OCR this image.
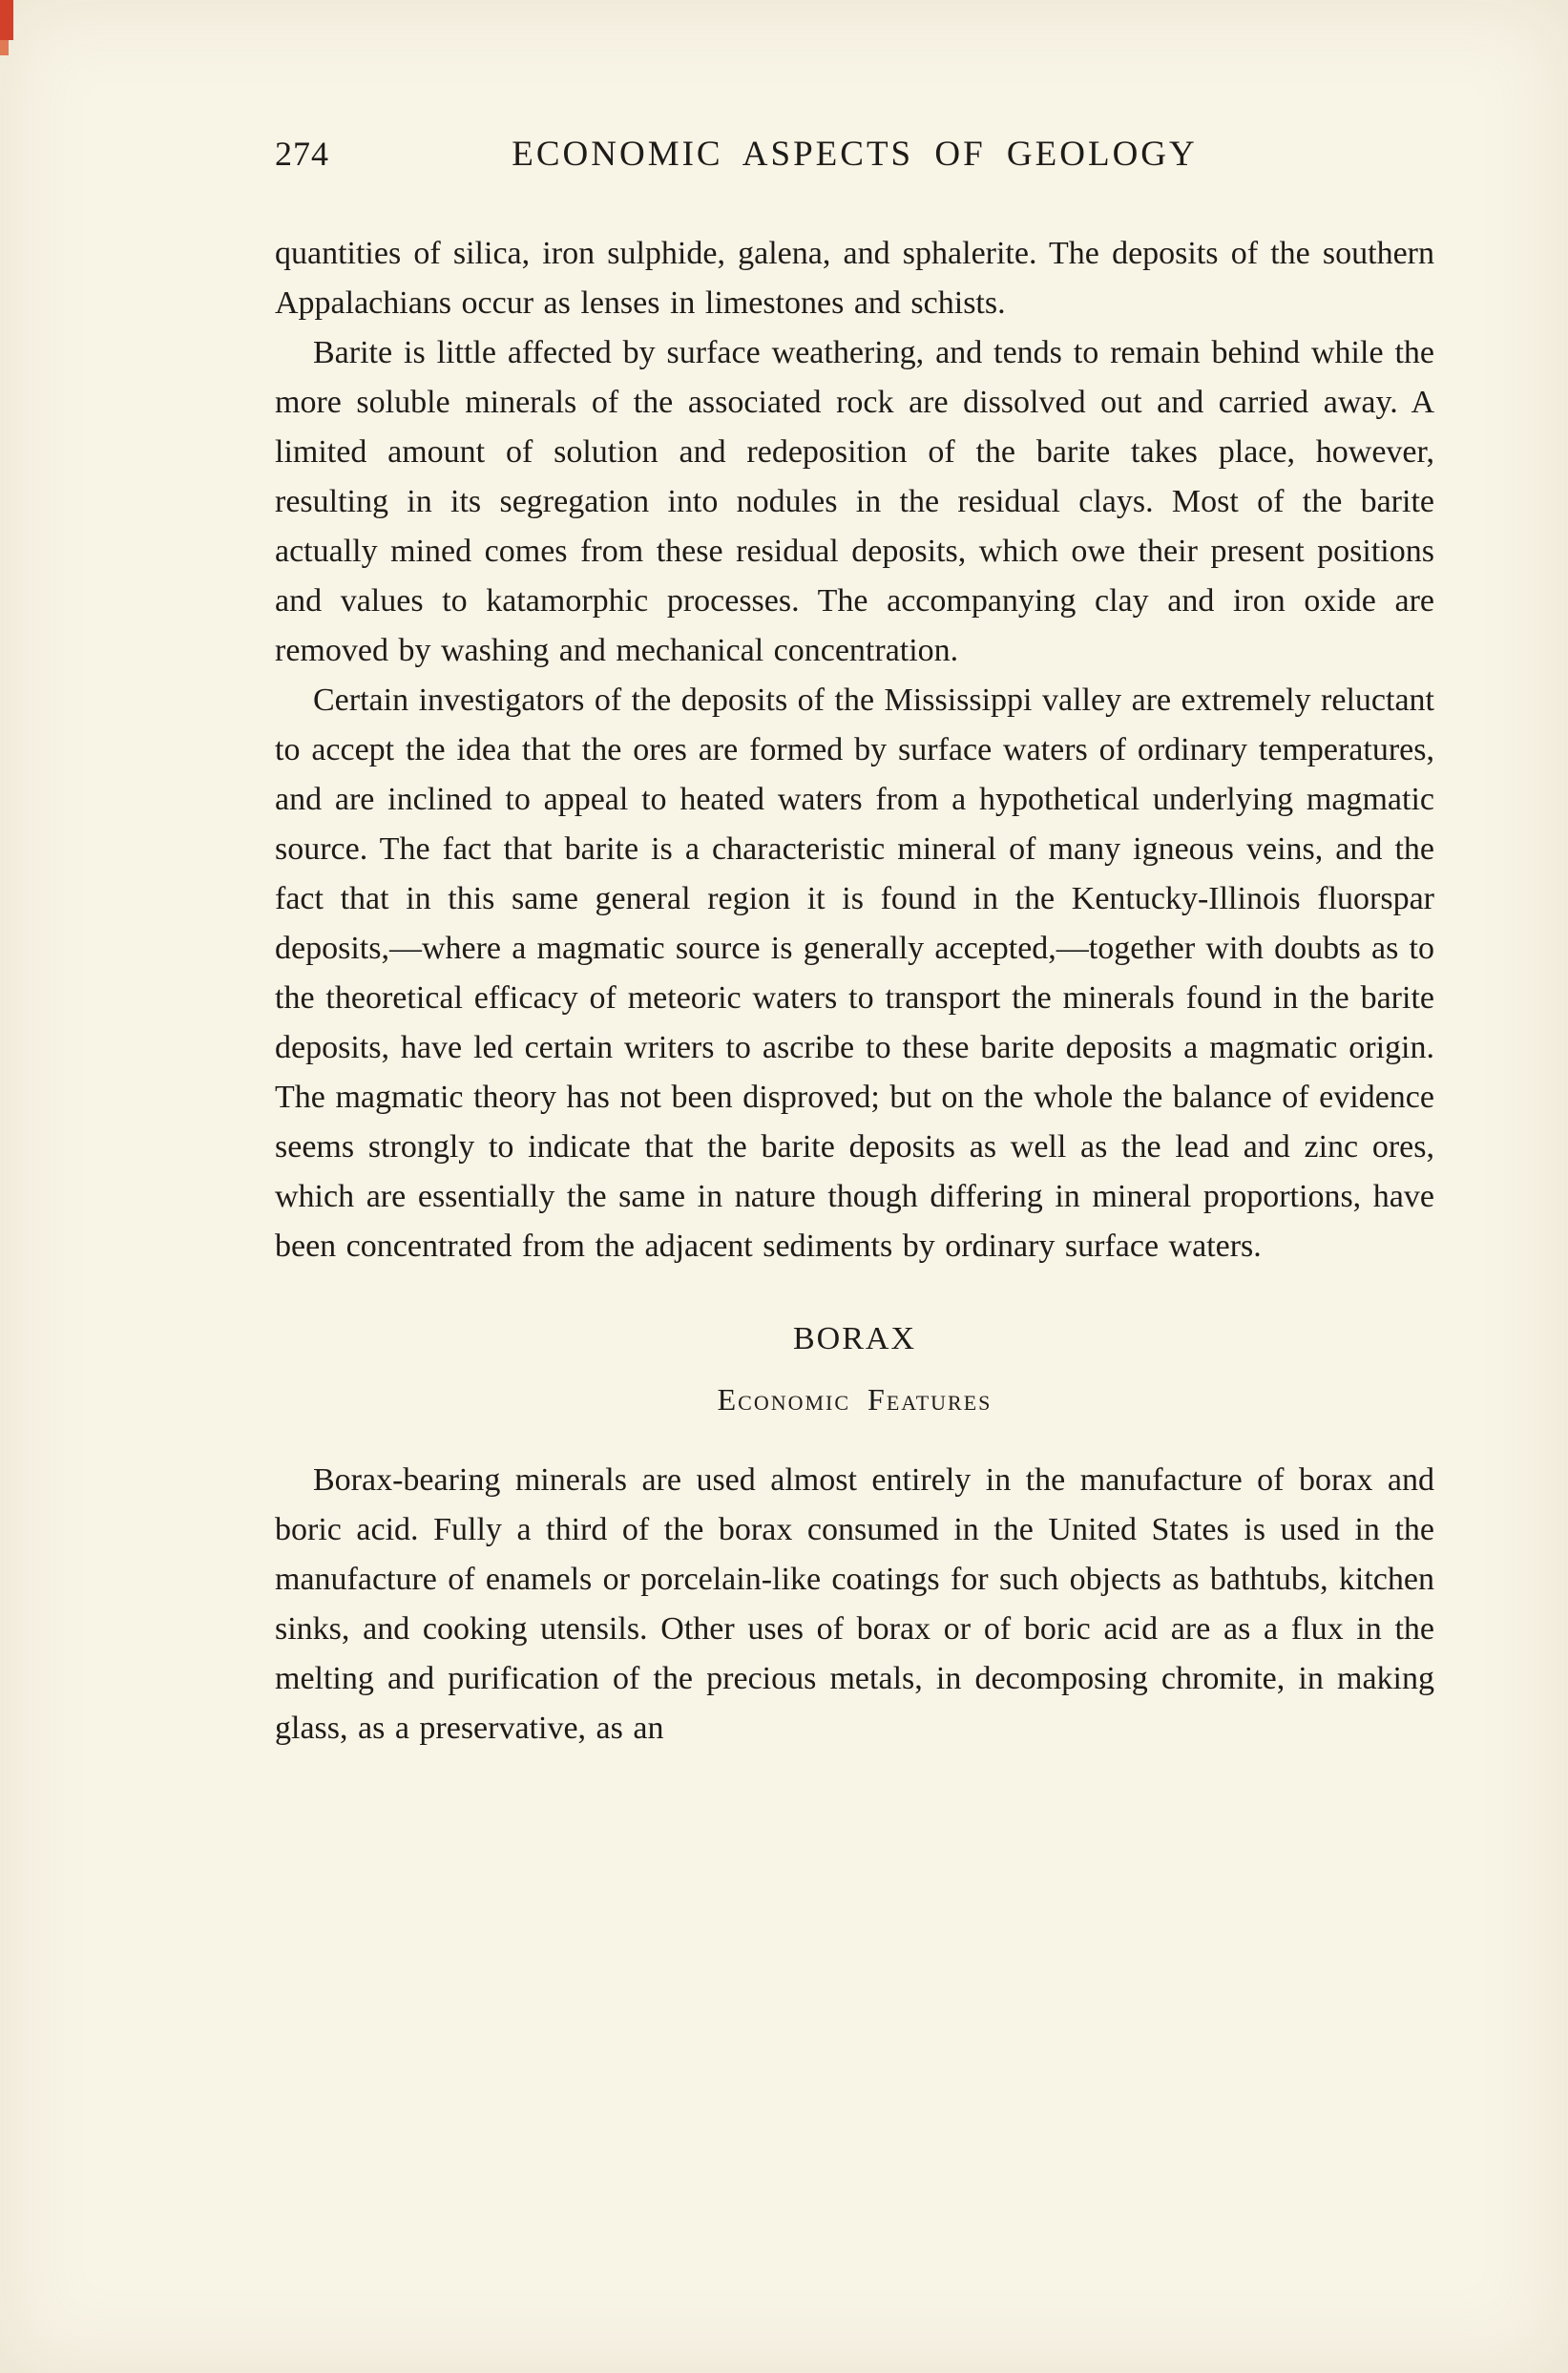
274	ECONOMIC ASPECTS OF GEOLOGY

quantities of silica, iron sulphide, galena, and sphalerite. The deposits of the southern Appalachians occur as lenses in limestones and schists.

Barite is little affected by surface weathering, and tends to remain behind while the more soluble minerals of the associated rock are dissolved out and carried away. A limited amount of solution and redeposition of the barite takes place, however, resulting in its segregation into nodules in the residual clays. Most of the barite actually mined comes from these residual deposits, which owe their present positions and values to katamorphic processes. The accompanying clay and iron oxide are removed by washing and mechanical concentration.

Certain investigators of the deposits of the Mississippi valley are extremely reluctant to accept the idea that the ores are formed by surface waters of ordinary temperatures, and are inclined to appeal to heated waters from a hypothetical underlying magmatic source. The fact that barite is a characteristic mineral of many igneous veins, and the fact that in this same general region it is found in the Kentucky-Illinois fluorspar deposits,—where a magmatic source is generally accepted,—together with doubts as to the theoretical efficacy of meteoric waters to transport the minerals found in the barite deposits, have led certain writers to ascribe to these barite deposits a magmatic origin. The magmatic theory has not been disproved; but on the whole the balance of evidence seems strongly to indicate that the barite deposits as well as the lead and zinc ores, which are essentially the same in nature though differing in mineral proportions, have been concentrated from the adjacent sediments by ordinary surface waters.

BORAX
Economic Features

Borax-bearing minerals are used almost entirely in the manufacture of borax and boric acid. Fully a third of the borax consumed in the United States is used in the manufacture of enamels or porcelain-like coatings for such objects as bathtubs, kitchen sinks, and cooking utensils. Other uses of borax or of boric acid are as a flux in the melting and purification of the precious metals, in decomposing chromite, in making glass, as a preservative, as an
